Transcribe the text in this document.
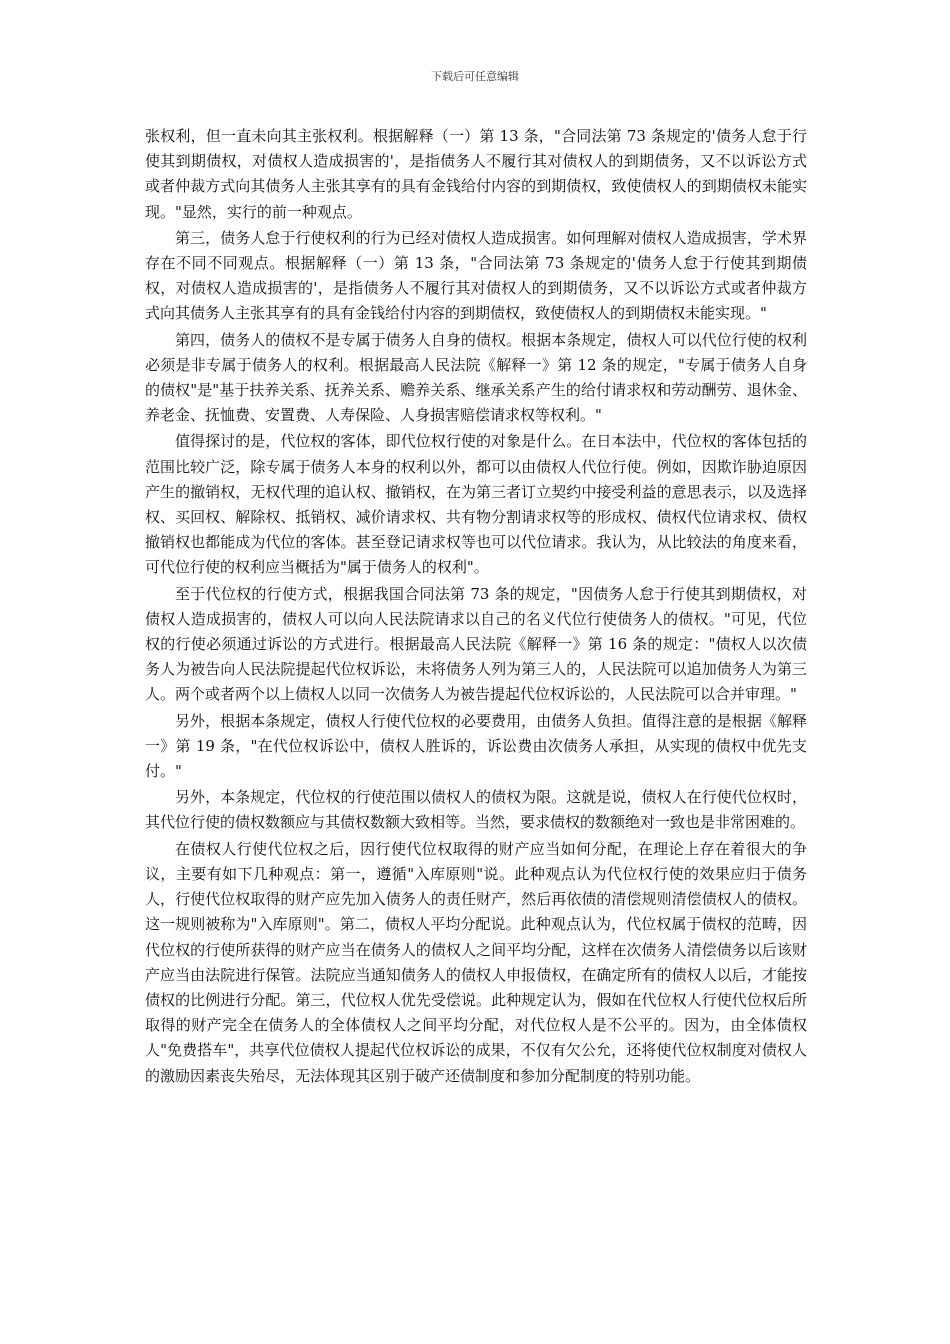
下载后可任意编辑

张权利，但一直未向其主张权利。根据解释（一）第 13 条，"合同法第 73 条规定的'债务人怠于行使其到期债权，对债权人造成损害的'，是指债务人不履行其对债权人的到期债务，又不以诉讼方式或者仲裁方式向其债务人主张其享有的具有金钱给付内容的到期债权，致使债权人的到期债权未能实现。"显然，实行的前一种观点。

第三，债务人怠于行使权利的行为已经对债权人造成损害。如何理解对债权人造成损害，学术界存在不同不同观点。根据解释（一）第 13 条，"合同法第 73 条规定的'债务人怠于行使其到期债权，对债权人造成损害的'，是指债务人不履行其对债权人的到期债务，又不以诉讼方式或者仲裁方式向其债务人主张其享有的具有金钱给付内容的到期债权，致使债权人的到期债权未能实现。"

第四，债务人的债权不是专属于债务人自身的债权。根据本条规定，债权人可以代位行使的权利必须是非专属于债务人的权利。根据最高人民法院《解释一》第 12 条的规定，"专属于债务人自身的债权"是"基于扶养关系、抚养关系、赡养关系、继承关系产生的给付请求权和劳动酬劳、退休金、养老金、抚恤费、安置费、人寿保险、人身损害赔偿请求权等权利。"

值得探讨的是，代位权的客体，即代位权行使的对象是什么。在日本法中，代位权的客体包括的范围比较广泛，除专属于债务人本身的权利以外，都可以由债权人代位行使。例如，因欺诈胁迫原因产生的撤销权，无权代理的追认权、撤销权，在为第三者订立契约中接受利益的意思表示，以及选择权、买回权、解除权、抵销权、减价请求权、共有物分割请求权等的形成权、债权代位请求权、债权撤销权也都能成为代位的客体。甚至登记请求权等也可以代位请求。我认为，从比较法的角度来看，可代位行使的权利应当概括为"属于债务人的权利"。

至于代位权的行使方式，根据我国合同法第 73 条的规定，"因债务人怠于行使其到期债权，对债权人造成损害的，债权人可以向人民法院请求以自己的名义代位行使债务人的债权。"可见，代位权的行使必须通过诉讼的方式进行。根据最高人民法院《解释一》第 16 条的规定："债权人以次债务人为被告向人民法院提起代位权诉讼，未将债务人列为第三人的，人民法院可以追加债务人为第三人。两个或者两个以上债权人以同一次债务人为被告提起代位权诉讼的，人民法院可以合并审理。"

另外，根据本条规定，债权人行使代位权的必要费用，由债务人负担。值得注意的是根据《解释一》第 19 条，"在代位权诉讼中，债权人胜诉的，诉讼费由次债务人承担，从实现的债权中优先支付。"

另外，本条规定，代位权的行使范围以债权人的债权为限。这就是说，债权人在行使代位权时，其代位行使的债权数额应与其债权数额大致相等。当然，要求债权的数额绝对一致也是非常困难的。

在债权人行使代位权之后，因行使代位权取得的财产应当如何分配，在理论上存在着很大的争议，主要有如下几种观点：第一，遵循"入库原则"说。此种观点认为代位权行使的效果应归于债务人，行使代位权取得的财产应先加入债务人的责任财产，然后再依债的清偿规则清偿债权人的债权。这一规则被称为"入库原则"。第二，债权人平均分配说。此种观点认为，代位权属于债权的范畴，因代位权的行使所获得的财产应当在债务人的债权人之间平均分配，这样在次债务人清偿债务以后该财产应当由法院进行保管。法院应当通知债务人的债权人申报债权，在确定所有的债权人以后，才能按债权的比例进行分配。第三，代位权人优先受偿说。此种规定认为，假如在代位权人行使代位权后所取得的财产完全在债务人的全体债权人之间平均分配，对代位权人是不公平的。因为，由全体债权人"免费搭车"，共享代位债权人提起代位权诉讼的成果，不仅有欠公允，还将使代位权制度对债权人的激励因素丧失殆尽，无法体现其区别于破产还债制度和参加分配制度的特别功能。
